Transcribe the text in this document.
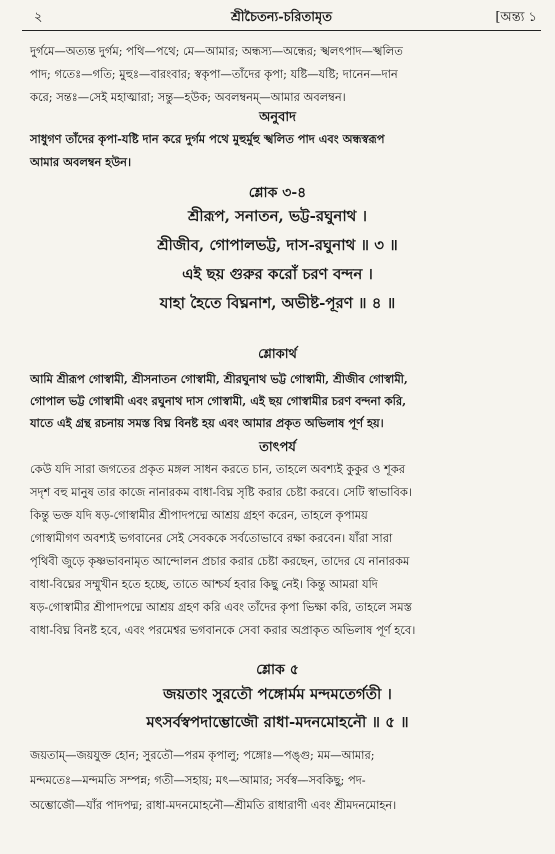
২	শ্রীচৈতন্য-চরিতামৃত	[অন্ত্য ১
দুর্গমে—অত্যন্ত দুর্গম; পথি—পথে; মে—আমার; অন্ধস্য—অন্ধের; স্খলৎপাদ—স্খলিত
পাদ; গতেঃ—গতি; মুহুঃ—বারংবার; স্বকৃপা—তাঁদের কৃপা; যষ্টি—যষ্টি; দানেন—দান
করে; সন্তঃ—সেই মহাত্মারা; সন্তু—হউক; অবলম্বনম্—আমার অবলম্বন।
অনুবাদ
সাধুগণ তাঁদের কৃপা-যষ্টি দান করে দুর্গম পথে মুহুর্মুহু স্খলিত পাদ এবং অন্ধস্বরূপ
আমার অবলম্বন হউন।
শ্লোক ৩-৪
শ্রীরূপ, সনাতন, ভট্ট-রঘুনাথ ।
শ্রীজীব, গোপালভট্ট, দাস-রঘুনাথ ॥ ৩ ॥
এই ছয় গুরুর করোঁ চরণ বন্দন ।
যাহা হৈতে বিঘ্ননাশ, অভীষ্ট-পূরণ ॥ ৪ ॥
শ্লোকার্থ
আমি শ্রীরূপ গোস্বামী, শ্রীসনাতন গোস্বামী, শ্রীরঘুনাথ ভট্ট গোস্বামী, শ্রীজীব গোস্বামী,
গোপাল ভট্ট গোস্বামী এবং রঘুনাথ দাস গোস্বামী, এই ছয় গোস্বামীর চরণ বন্দনা করি,
যাতে এই গ্রন্থ রচনায় সমস্ত বিঘ্ন বিনষ্ট হয় এবং আমার প্রকৃত অভিলাষ পূর্ণ হয়।
তাৎপর্য
কেউ যদি সারা জগতের প্রকৃত মঙ্গল সাধন করতে চান, তাহলে অবশ্যই কুকুর ও শূকর
সদৃশ বহু মানুষ তার কাজে নানারকম বাধা-বিঘ্ন সৃষ্টি করার চেষ্টা করবে। সেটি স্বাভাবিক।
কিন্তু ভক্ত যদি ষড়-গোস্বামীর শ্রীপাদপদ্মে আশ্রয় গ্রহণ করেন, তাহলে কৃপাময়
গোস্বামীগণ অবশ্যই ভগবানের সেই সেবককে সর্বতোভাবে রক্ষা করবেন। যাঁরা সারা
পৃথিবী জুড়ে কৃষ্ণভাবনামৃত আন্দোলন প্রচার করার চেষ্টা করছেন, তাদের যে নানারকম
বাধা-বিঘ্নের সম্মুখীন হতে হচ্ছে, তাতে আশ্চর্য হবার কিছু নেই। কিন্তু আমরা যদি
ষড়-গোস্বামীর শ্রীপাদপদ্মে আশ্রয় গ্রহণ করি এবং তাঁদের কৃপা ভিক্ষা করি, তাহলে সমস্ত
বাধা-বিঘ্ন বিনষ্ট হবে, এবং পরমেশ্বর ভগবানকে সেবা করার অপ্রাকৃত অভিলাষ পূর্ণ হবে।
শ্লোক ৫
জয়তাং সুরতৌ পঙ্গোর্মম মন্দমতের্গতী ।
মৎসর্বস্বপদাম্ভোজৌ রাধা-মদনমোহনৌ ॥ ৫ ॥
জয়তাম্—জয়যুক্ত হোন; সুরতৌ—পরম কৃপালু; পঙ্গোঃ—পঙ্গু; মম—আমার;
মন্দমতেঃ—মন্দমতি সম্পন্ন; গতী—সহায়; মৎ—আমার; সর্বস্ব—সবকিছু; পদ-
অম্ভোজৌ—যাঁর পাদপদ্ম; রাধা-মদনমোহনৌ—শ্রীমতি রাধারাণী এবং শ্রীমদনমোহন।
